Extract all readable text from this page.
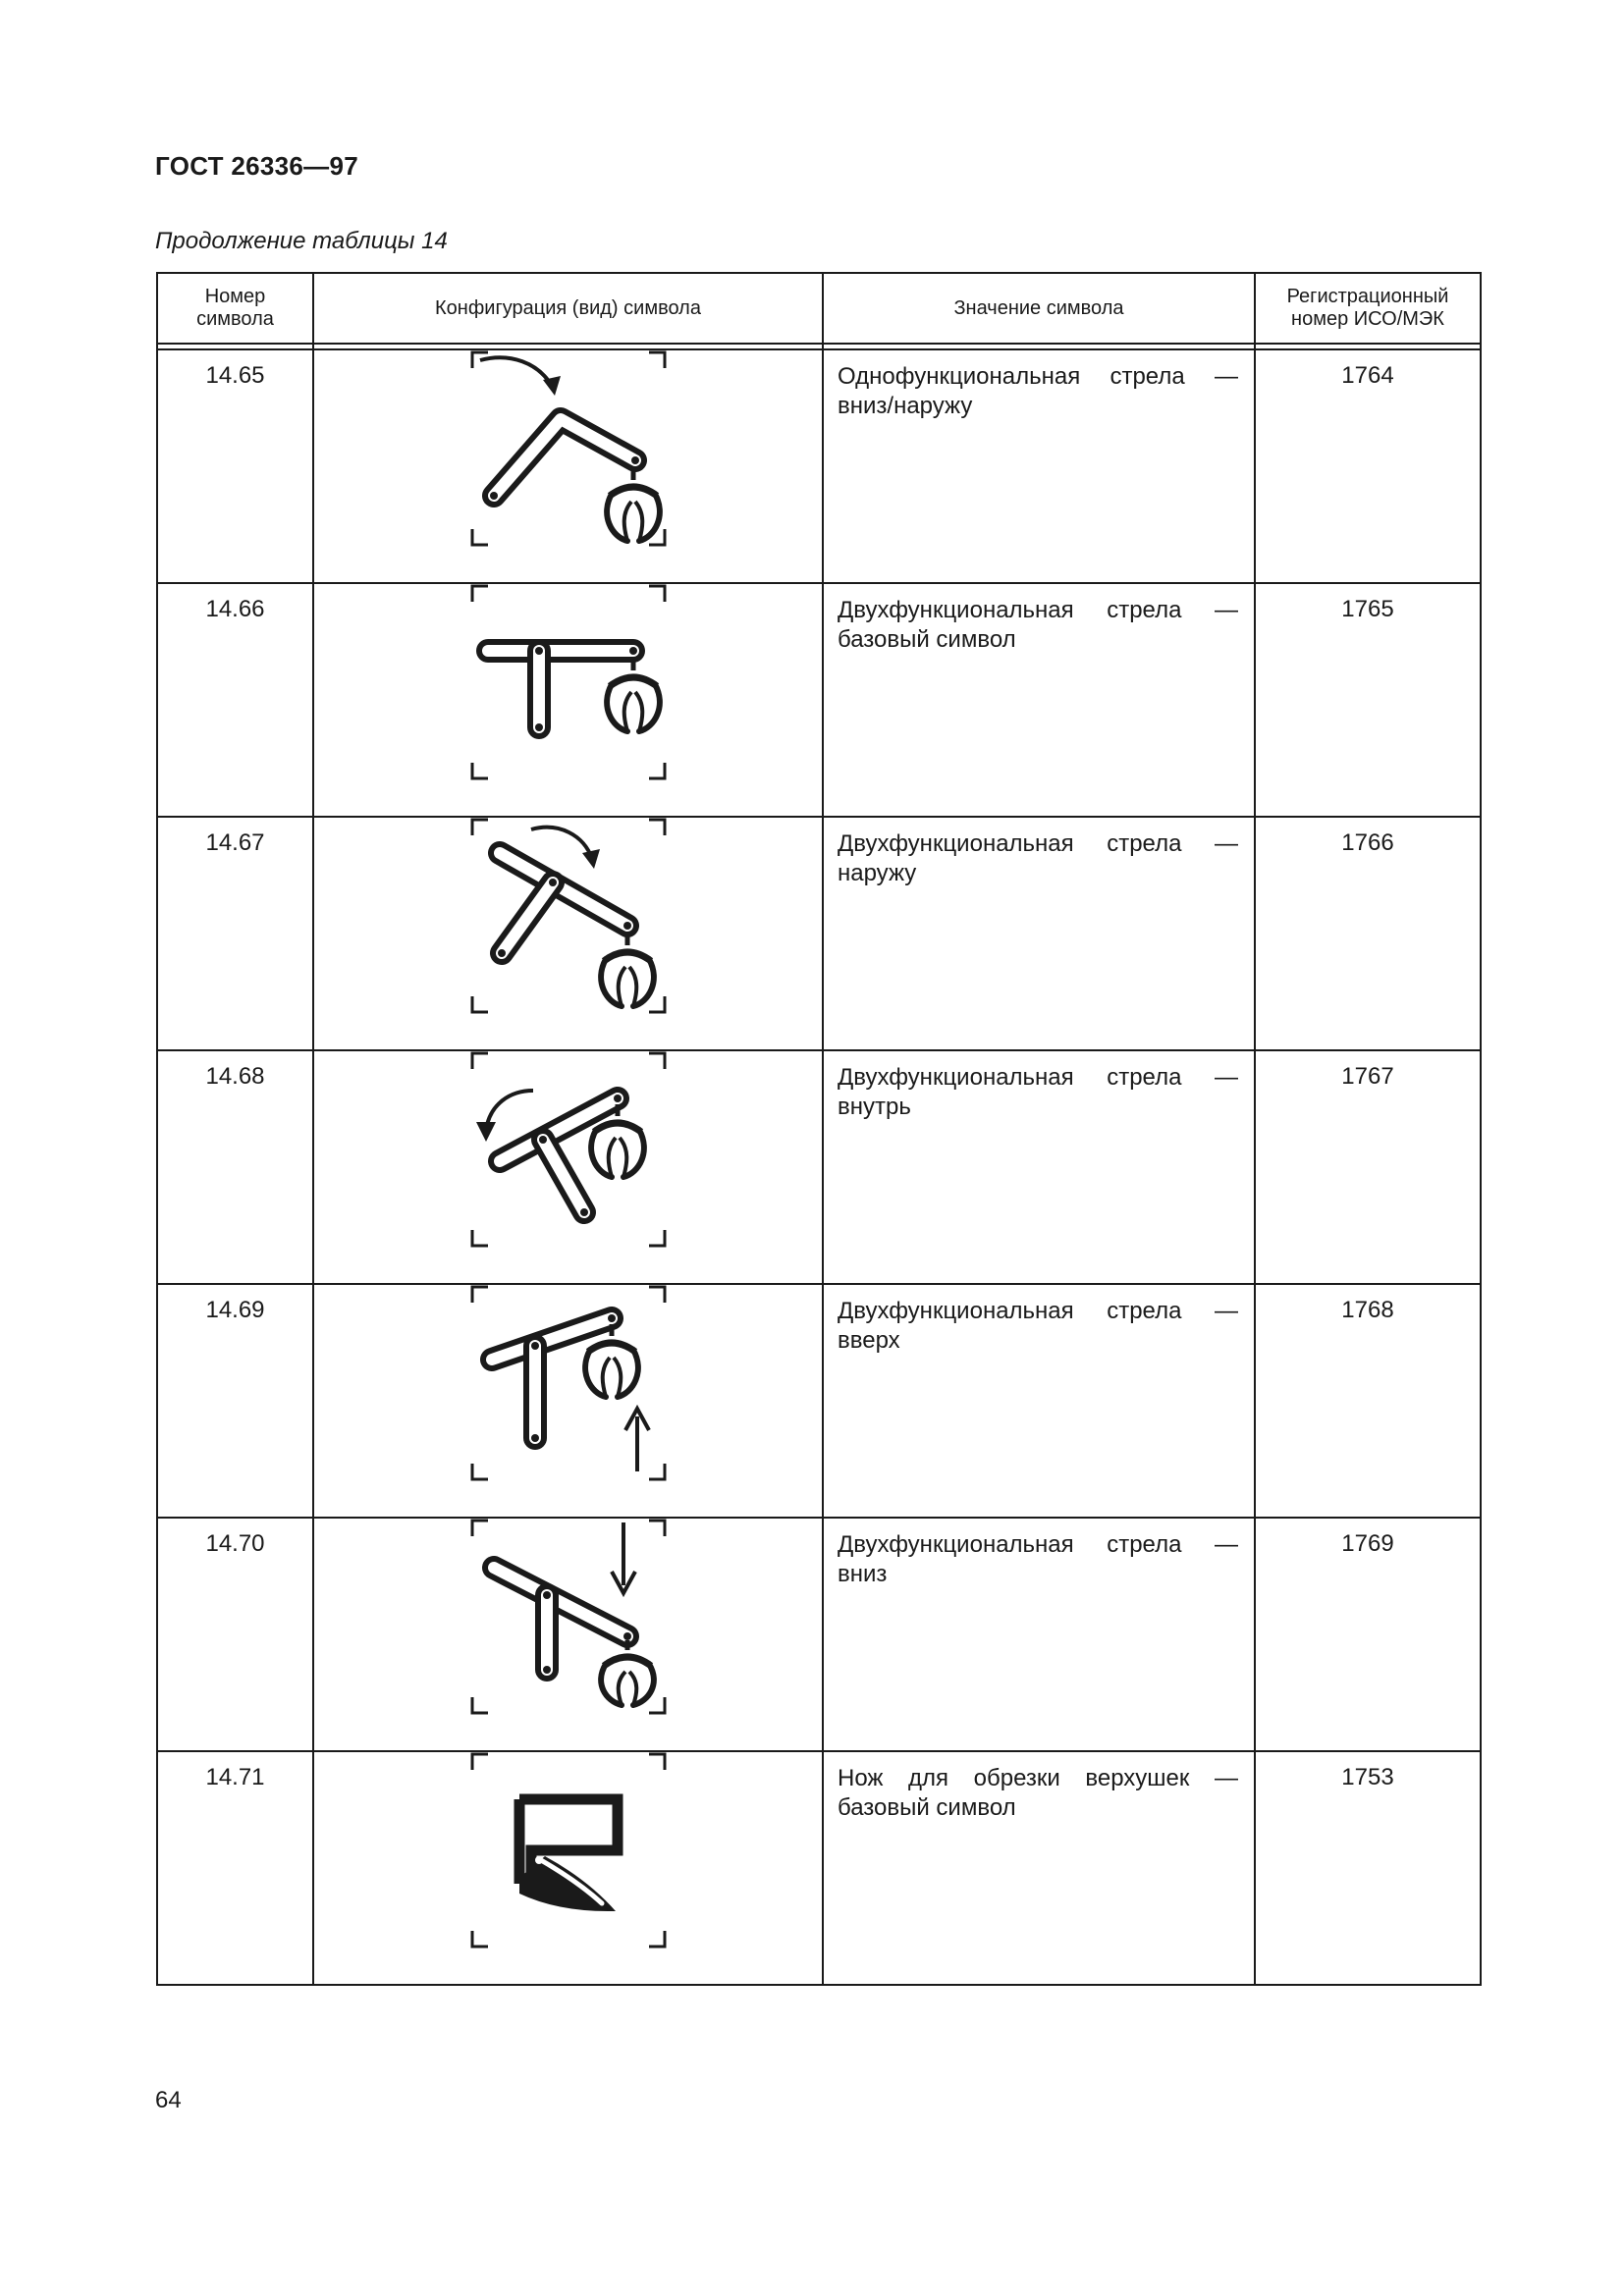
ГОСТ 26336—97
Продолжение таблицы 14
Номер символа	Конфигурация (вид) символа	Значение символа	Регистрационный номер ИСО/МЭК

14.65		Однофункциональная стрела — вниз/наружу	1764
14.66		Двухфункциональная стрела — базовый символ	1765
14.67		Двухфункциональная стрела — наружу	1766
14.68		Двухфункциональная стрела — внутрь	1767
14.69		Двухфункциональная стрела — вверх	1768
14.70		Двухфункциональная стрела — вниз	1769
14.71		Нож для обрезки верхушек — базовый символ	1753
64
